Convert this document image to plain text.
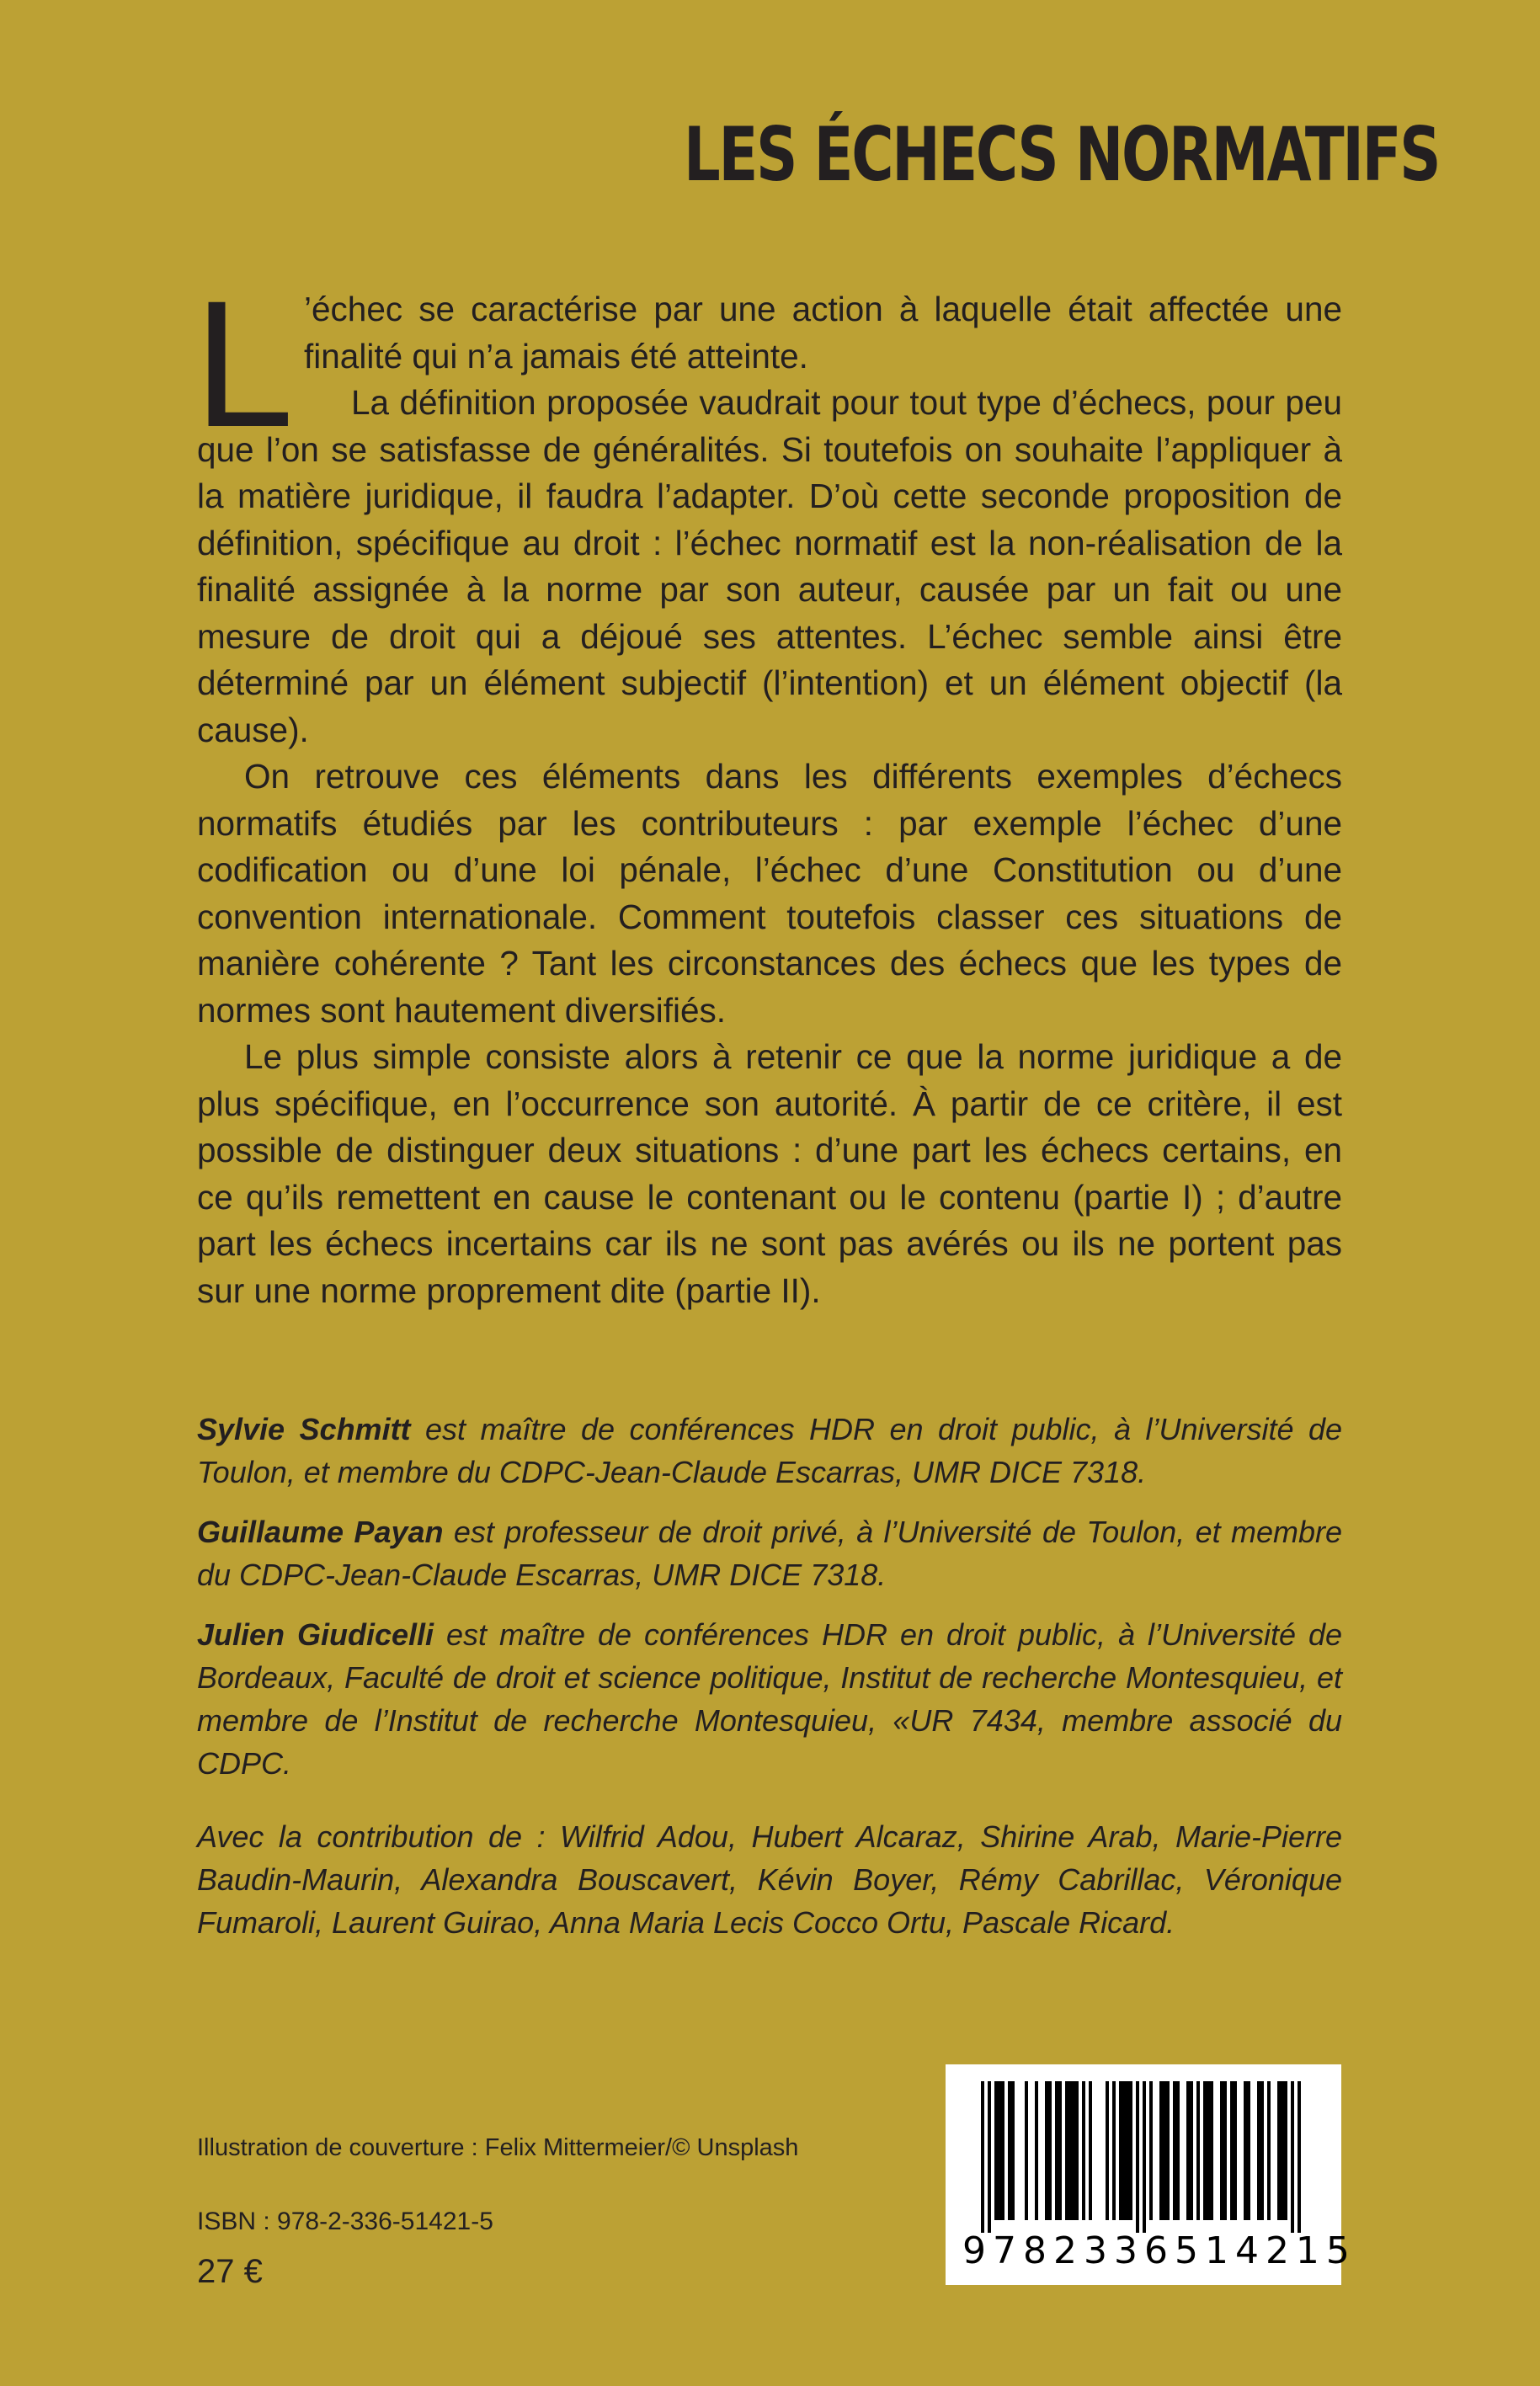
LES ÉCHECS NORMATIFS

L ’échec se caractérise par une action à laquelle était affectée une finalité qui n’a jamais été atteinte.

La définition proposée vaudrait pour tout type d’échecs, pour peu que l’on se satisfasse de généralités. Si toutefois on souhaite l’appliquer à la matière juridique, il faudra l’adapter. D’où cette seconde proposition de définition, spécifique au droit : l’échec normatif est la non-réalisation de la finalité assignée à la norme par son auteur, causée par un fait ou une mesure de droit qui a déjoué ses attentes. L’échec semble ainsi être déterminé par un élément subjectif (l’intention) et un élément objectif (la cause).

On retrouve ces éléments dans les différents exemples d’échecs normatifs étudiés par les contributeurs : par exemple l’échec d’une codification ou d’une loi pénale, l’échec d’une Constitution ou d’une convention internationale. Comment toutefois classer ces situations de manière cohérente ? Tant les circonstances des échecs que les types de normes sont hautement diversifiés.

Le plus simple consiste alors à retenir ce que la norme juridique a de plus spécifique, en l’occurrence son autorité. À partir de ce critère, il est possible de distinguer deux situations : d’une part les échecs certains, en ce qu’ils remettent en cause le contenant ou le contenu (partie I) ; d’autre part les échecs incertains car ils ne sont pas avérés ou ils ne portent pas sur une norme proprement dite (partie II).

Sylvie Schmitt est maître de conférences HDR en droit public, à l’Université de Toulon, et membre du CDPC-Jean-Claude Escarras, UMR DICE 7318.

Guillaume Payan est professeur de droit privé, à l’Université de Toulon, et membre du CDPC-Jean-Claude Escarras, UMR DICE 7318.

Julien Giudicelli est maître de conférences HDR en droit public, à l’Université de Bordeaux, Faculté de droit et science politique, Institut de recherche Montesquieu, et membre de l’Institut de recherche Montesquieu, «UR 7434, membre associé du CDPC.

Avec la contribution de : Wilfrid Adou, Hubert Alcaraz, Shirine Arab, Marie-Pierre Baudin-Maurin, Alexandra Bouscavert, Kévin Boyer, Rémy Cabrillac, Véronique Fumaroli, Laurent Guirao, Anna Maria Lecis Cocco Ortu, Pascale Ricard.

Illustration de couverture : Felix Mittermeier/© Unsplash

ISBN : 978-2-336-51421-5

27 €	9782336514215
